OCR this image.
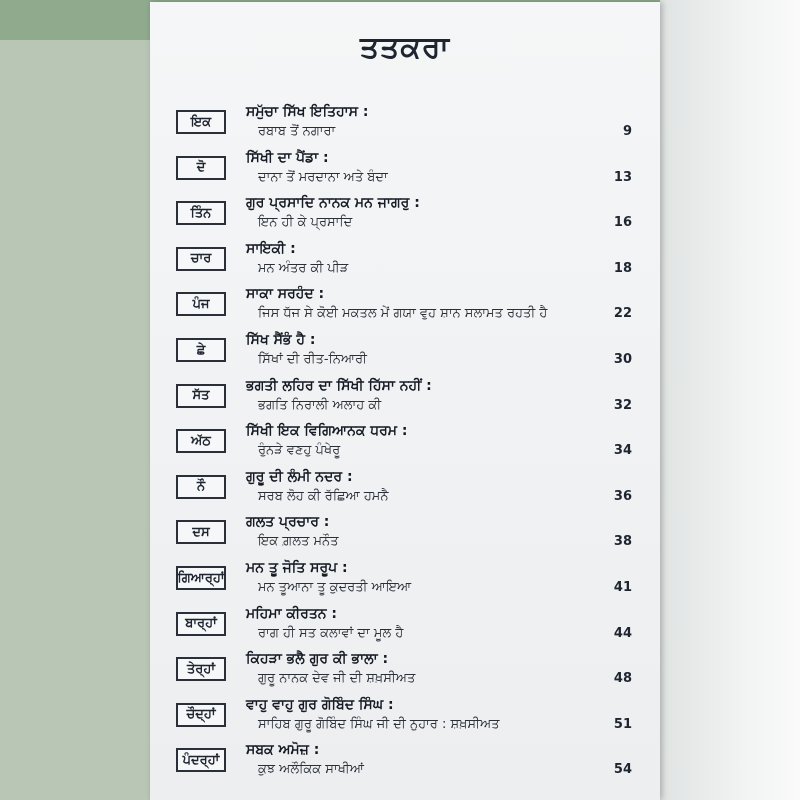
ਤਤਕਰਾ
ਇਕ
ਸਮੁੱਚਾ ਸਿੱਖ ਇਤਿਹਾਸ :
ਰਬਾਬ ਤੋਂ ਨਗਾਰਾ	9
ਦੋ
ਸਿੱਖੀ ਦਾ ਪੈਂਡਾ :
ਦਾਨਾ ਤੋਂ ਮਰਦਾਨਾ ਅਤੇ ਬੰਦਾ	13
ਤਿੰਨ
ਗੁਰ ਪ੍ਰਸਾਦਿ ਨਾਨਕ ਮਨ ਜਾਗਰੁ :
ਇਨ ਹੀ ਕੇ ਪ੍ਰਸਾਦਿ	16
ਚਾਰ
ਸਾਇਕੀ :
ਮਨ ਅੰਤਰ ਕੀ ਪੀੜ	18
ਪੰਜ
ਸਾਕਾ ਸਰਹੰਦ :
ਜਿਸ ਧੱਜ ਸੇ ਕੋਈ ਮਕਤਲ ਮੇਂ ਗਯਾ ਵੁਹ ਸ਼ਾਨ ਸਲਾਮਤ ਰਹਤੀ ਹੈ	22
ਛੇ
ਸਿੱਖ ਸੈਂਭੰ ਹੈ :
ਸਿੱਖਾਂ ਦੀ ਰੀਤ-ਨਿਆਰੀ	30
ਸੱਤ
ਭਗਤੀ ਲਹਿਰ ਦਾ ਸਿੱਖੀ ਹਿੱਸਾ ਨਹੀਂ :
ਭਗਤਿ ਨਿਰਾਲੀ ਅਲਾਹ ਕੀ	32
ਅੱਠ
ਸਿੱਖੀ ਇਕ ਵਿਗਿਆਨਕ ਧਰਮ :
ਰੁੰਨੜੇ ਵਣਹੁ ਪੰਖੇਰੂ	34
ਨੌ
ਗੁਰੂ ਦੀ ਲੰਮੀ ਨਦਰ :
ਸਰਬ ਲੋਹ ਕੀ ਰੱਛਿਆ ਹਮਨੈ	36
ਦਸ
ਗਲਤ ਪ੍ਰਚਾਰ :
ਇਕ ਗ਼ਲਤ ਮਨੌਤ	38
ਗਿਆਰ੍ਹਾਂ
ਮਨ ਤੂ ਜੋਤਿ ਸਰੂਪ :
ਮਨ ਤੂਆਨਾ ਤੂ ਕੁਦਰਤੀ ਆਇਆ	41
ਬਾਰ੍ਹਾਂ
ਮਹਿਮਾ ਕੀਰਤਨ :
ਰਾਗ ਹੀ ਸਤ ਕਲਾਵਾਂ ਦਾ ਮੂਲ ਹੈ	44
ਤੇਰ੍ਹਾਂ
ਕਿਹੜਾ ਭਲੈ ਗੁਰ ਕੀ ਭਾਲਾ :
ਗੁਰੂ ਨਾਨਕ ਦੇਵ ਜੀ ਦੀ ਸ਼ਖ਼ਸੀਅਤ	48
ਚੌਦ੍ਹਾਂ
ਵਾਹੁ ਵਾਹੁ ਗੁਰ ਗੋਬਿੰਦ ਸਿੰਘ :
ਸਾਹਿਬ ਗੁਰੂ ਗੋਬਿੰਦ ਸਿੰਘ ਜੀ ਦੀ ਨੁਹਾਰ : ਸ਼ਖ਼ਸੀਅਤ	51
ਪੰਦਰ੍ਹਾਂ
ਸਬਕ ਅਮੋਜ਼ :
ਕੁਝ ਅਲੌਕਿਕ ਸਾਖੀਆਂ	54
